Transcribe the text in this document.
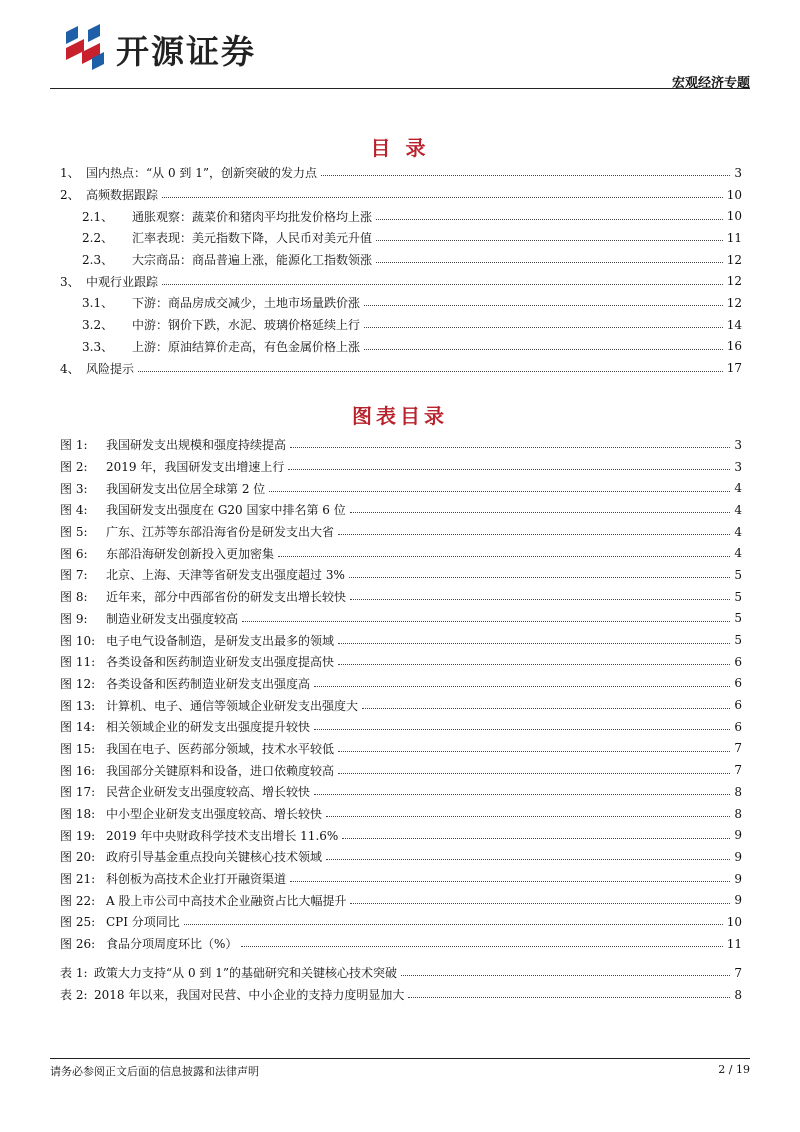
开源证券
宏观经济专题
目 录
1、 国内热点：“从 0 到 1”，创新突破的发力点	3
2、 高频数据跟踪	10
2.1、	通胀观察：蔬菜价和猪肉平均批发价格均上涨	10
2.2、	汇率表现：美元指数下降，人民币对美元升值	11
2.3、	大宗商品：商品普遍上涨，能源化工指数领涨	12
3、 中观行业跟踪	12
3.1、	下游：商品房成交减少，土地市场量跌价涨	12
3.2、	中游：钢价下跌，水泥、玻璃价格延续上行	14
3.3、	上游：原油结算价走高，有色金属价格上涨	16
4、 风险提示	17
图表目录
图 1:	我国研发支出规模和强度持续提高	3
图 2:	2019 年，我国研发支出增速上行	3
图 3:	我国研发支出位居全球第 2 位	4
图 4:	我国研发支出强度在 G20 国家中排名第 6 位	4
图 5:	广东、江苏等东部沿海省份是研发支出大省	4
图 6:	东部沿海研发创新投入更加密集	4
图 7:	北京、上海、天津等省研发支出强度超过 3%	5
图 8:	近年来，部分中西部省份的研发支出增长较快	5
图 9:	制造业研发支出强度较高	5
图 10: 电子电气设备制造，是研发支出最多的领域	5
图 11: 各类设备和医药制造业研发支出强度提高快	6
图 12: 各类设备和医药制造业研发支出强度高	6
图 13: 计算机、电子、通信等领域企业研发支出强度大	6
图 14: 相关领域企业的研发支出强度提升较快	6
图 15: 我国在电子、医药部分领域，技术水平较低	7
图 16: 我国部分关键原料和设备，进口依赖度较高	7
图 17: 民营企业研发支出强度较高、增长较快	8
图 18: 中小型企业研发支出强度较高、增长较快	8
图 19: 2019 年中央财政科学技术支出增长 11.6%	9
图 20: 政府引导基金重点投向关键核心技术领域	9
图 21: 科创板为高技术企业打开融资渠道	9
图 22: A 股上市公司中高技术企业融资占比大幅提升	9
图 25: CPI 分项同比	10
图 26: 食品分项周度环比（%）	11
表 1: 政策大力支持“从 0 到 1”的基础研究和关键核心技术突破	7
表 2: 2018 年以来，我国对民营、中小企业的支持力度明显加大	8
请务必参阅正文后面的信息披露和法律声明	2 / 19
